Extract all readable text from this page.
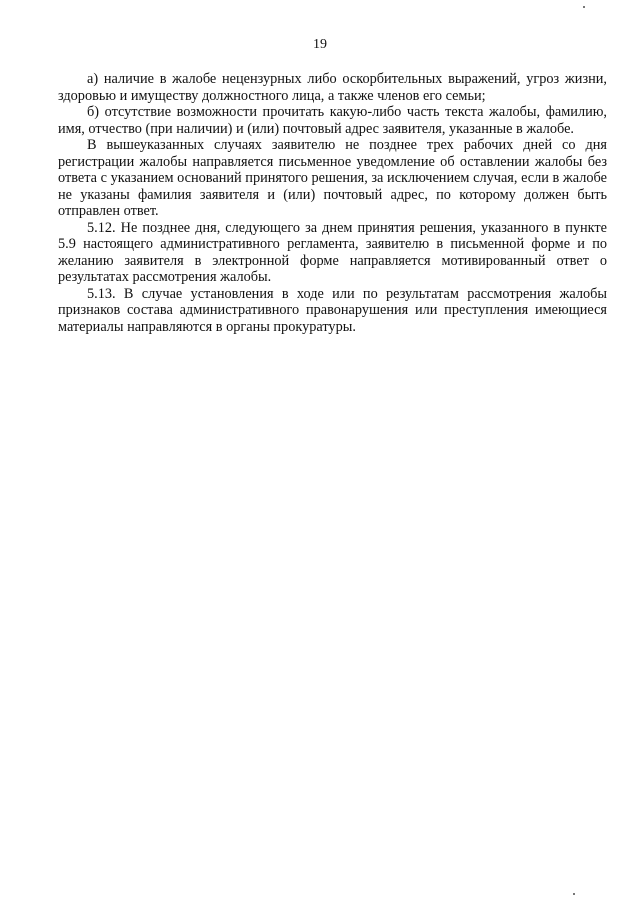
19

а) наличие в жалобе нецензурных либо оскорбительных выражений, угроз жизни, здоровью и имуществу должностного лица, а также членов его семьи;

б) отсутствие возможности прочитать какую-либо часть текста жалобы, фамилию, имя, отчество (при наличии) и (или) почтовый адрес заявителя, указанные в жалобе.

В вышеуказанных случаях заявителю не позднее трех рабочих дней со дня регистрации жалобы направляется письменное уведомление об оставлении жалобы без ответа с указанием оснований принятого решения, за исключением случая, если в жалобе не указаны фамилия заявителя и (или) почтовый адрес, по которому должен быть отправлен ответ.

5.12. Не позднее дня, следующего за днем принятия решения, указанного в пункте 5.9 настоящего административного регламента, заявителю в письменной форме и по желанию заявителя в электронной форме направляется мотивированный ответ о результатах рассмотрения жалобы.

5.13. В случае установления в ходе или по результатам рассмотрения жалобы признаков состава административного правонарушения или преступления имеющиеся материалы направляются в органы прокуратуры.
